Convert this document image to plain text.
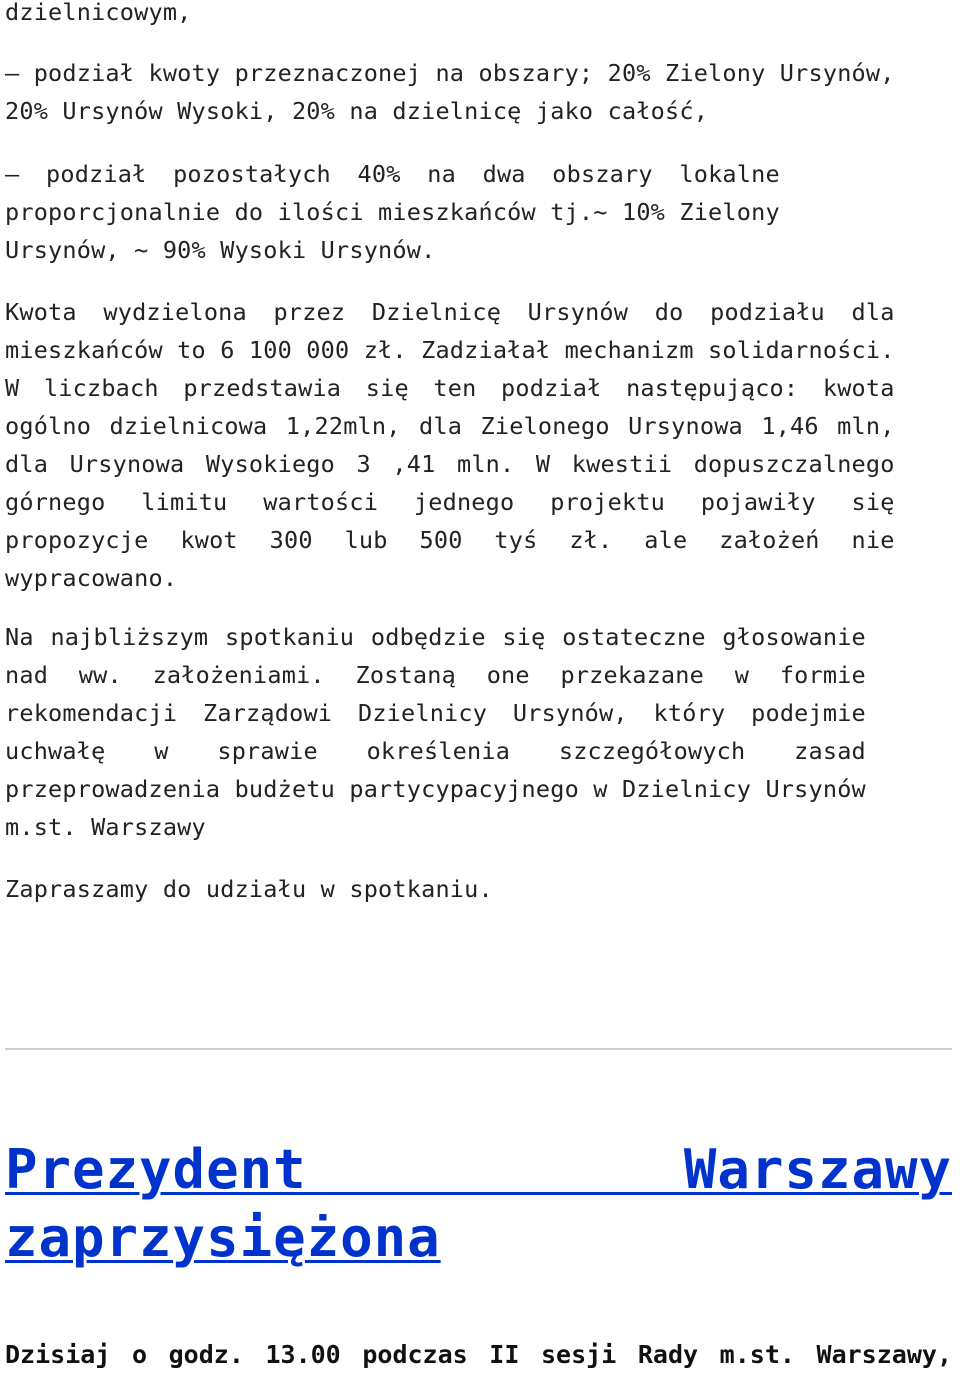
dzielnicowym,

– podział kwoty przeznaczonej na obszary; 20% Zielony Ursynów,
20% Ursynów Wysoki, 20% na dzielnicę jako całość,

– podział pozostałych 40% na dwa obszary lokalne
proporcjonalnie do ilości mieszkańców tj.~ 10% Zielony
Ursynów, ~ 90% Wysoki Ursynów.

Kwota wydzielona przez Dzielnicę Ursynów do podziału dla
mieszkańców to 6 100 000 zł. Zadziałał mechanizm solidarności.
W liczbach przedstawia się ten podział następująco: kwota
ogólno dzielnicowa 1,22mln, dla Zielonego Ursynowa 1,46 mln,
dla Ursynowa Wysokiego 3 ,41 mln. W kwestii dopuszczalnego
górnego limitu wartości jednego projektu pojawiły się
propozycje kwot 300 lub 500 tyś zł. ale założeń nie
wypracowano.

Na najbliższym spotkaniu odbędzie się ostateczne głosowanie
nad ww. założeniami. Zostaną one przekazane w formie
rekomendacji Zarządowi Dzielnicy Ursynów, który podejmie
uchwałę w sprawie określenia szczegółowych zasad
przeprowadzenia budżetu partycypacyjnego w Dzielnicy Ursynów
m.st. Warszawy

Zapraszamy do udziału w spotkaniu.

Prezydent Warszawy
zaprzysiężona

Dzisiaj o godz. 13.00 podczas II sesji Rady m.st. Warszawy,
